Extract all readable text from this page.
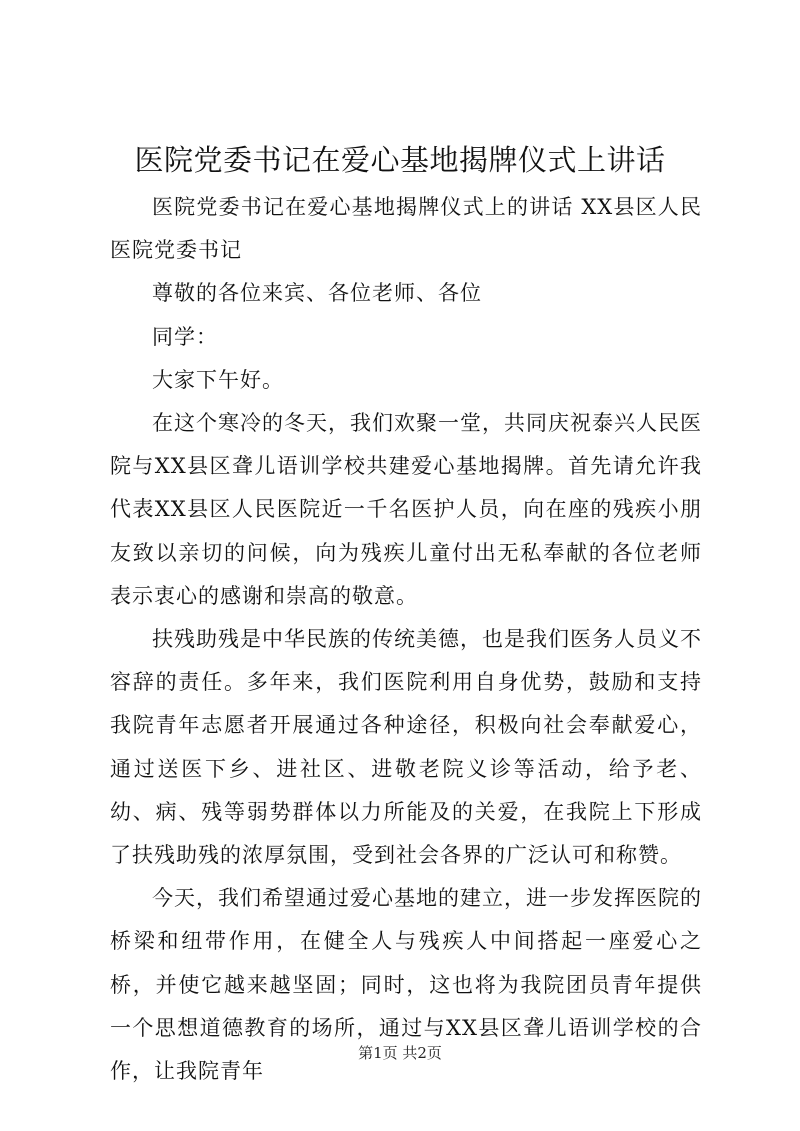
医院党委书记在爱心基地揭牌仪式上讲话

医院党委书记在爱心基地揭牌仪式上的讲话 XX县区人民医院党委书记

尊敬的各位来宾、各位老师、各位

同学：

大家下午好。

在这个寒冷的冬天，我们欢聚一堂，共同庆祝泰兴人民医院与XX县区聋儿语训学校共建爱心基地揭牌。首先请允许我代表XX县区人民医院近一千名医护人员，向在座的残疾小朋友致以亲切的问候，向为残疾儿童付出无私奉献的各位老师表示衷心的感谢和崇高的敬意。

扶残助残是中华民族的传统美德，也是我们医务人员义不容辞的责任。多年来，我们医院利用自身优势，鼓励和支持我院青年志愿者开展通过各种途径，积极向社会奉献爱心，通过送医下乡、进社区、进敬老院义诊等活动，给予老、幼、病、残等弱势群体以力所能及的关爱，在我院上下形成了扶残助残的浓厚氛围，受到社会各界的广泛认可和称赞。

今天，我们希望通过爱心基地的建立，进一步发挥医院的桥梁和纽带作用，在健全人与残疾人中间搭起一座爱心之桥，并使它越来越坚固；同时，这也将为我院团员青年提供一个思想道德教育的场所，通过与XX县区聋儿语训学校的合作，让我院青年

第1页 共2页
